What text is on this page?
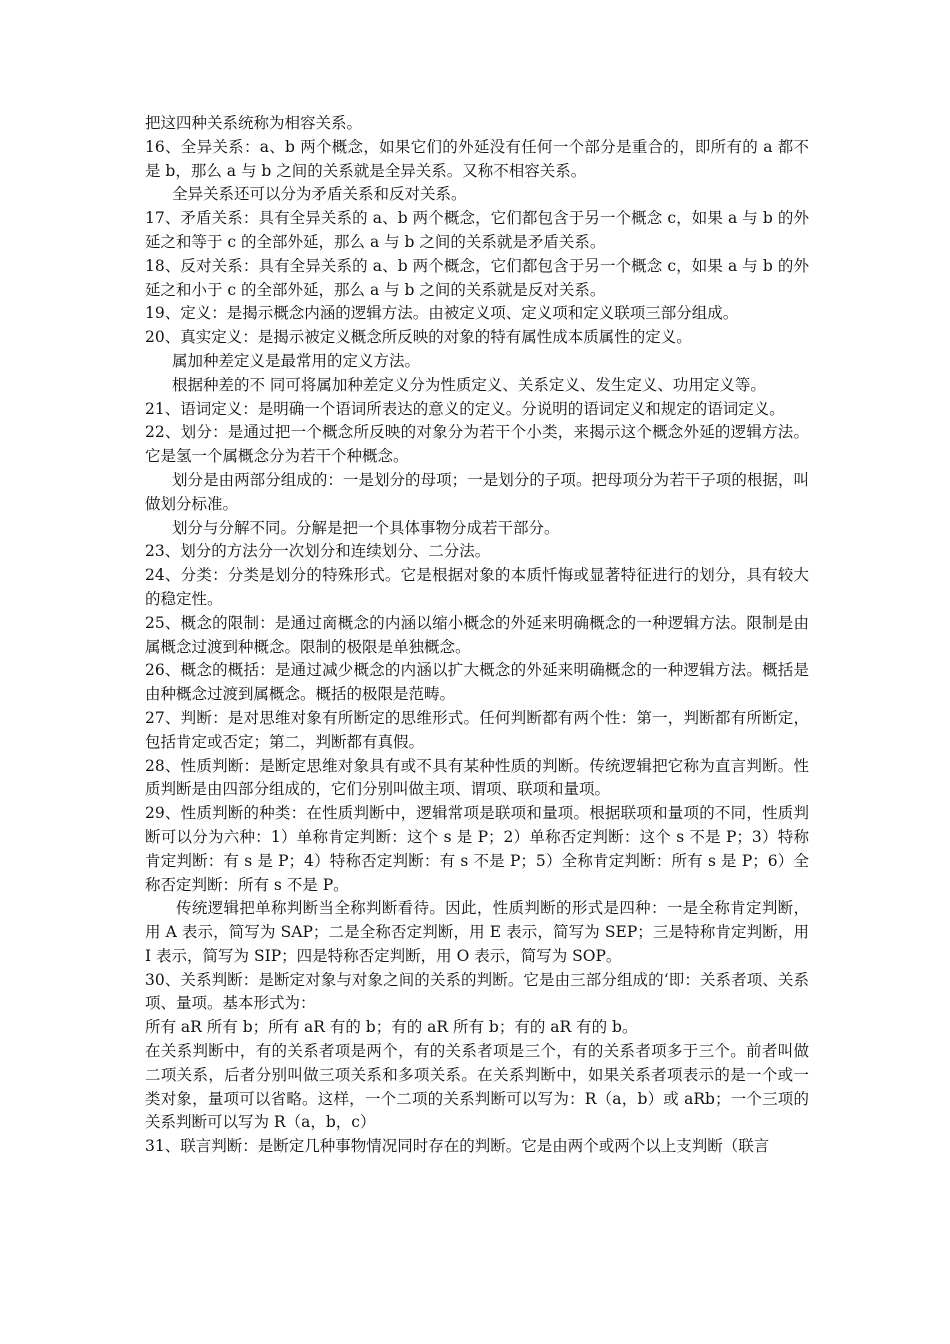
把这四种关系统称为相容关系。

16、全异关系：a、b 两个概念，如果它们的外延没有任何一个部分是重合的，即所有的 a 都不是 b，那么 a 与 b 之间的关系就是全异关系。又称不相容关系。

全异关系还可以分为矛盾关系和反对关系。

17、矛盾关系：具有全异关系的 a、b 两个概念，它们都包含于另一个概念 c，如果 a 与 b 的外延之和等于 c 的全部外延，那么 a 与 b 之间的关系就是矛盾关系。

18、反对关系：具有全异关系的 a、b 两个概念，它们都包含于另一个概念 c，如果 a 与 b 的外延之和小于 c 的全部外延，那么 a 与 b 之间的关系就是反对关系。

19、定义：是揭示概念内涵的逻辑方法。由被定义项、定义项和定义联项三部分组成。

20、真实定义：是揭示被定义概念所反映的对象的特有属性成本质属性的定义。

属加种差定义是最常用的定义方法。

根据种差的不 同可将属加种差定义分为性质定义、关系定义、发生定义、功用定义等。

21、语词定义：是明确一个语词所表达的意义的定义。分说明的语词定义和规定的语词定义。

22、划分：是通过把一个概念所反映的对象分为若干个小类，来揭示这个概念外延的逻辑方法。它是氢一个属概念分为若干个种概念。

划分是由两部分组成的：一是划分的母项；一是划分的子项。把母项分为若干子项的根据，叫做划分标准。

划分与分解不同。分解是把一个具体事物分成若干部分。

23、划分的方法分一次划分和连续划分、二分法。

24、分类：分类是划分的特殊形式。它是根据对象的本质忏悔或显著特征进行的划分，具有较大的稳定性。

25、概念的限制：是通过啇概念的内涵以缩小概念的外延来明确概念的一种逻辑方法。限制是由属概念过渡到种概念。限制的极限是单独概念。

26、概念的概括：是通过减少概念的内涵以扩大概念的外延来明确概念的一种逻辑方法。概括是由种概念过渡到属概念。概括的极限是范畴。

27、判断：是对思维对象有所断定的思维形式。任何判断都有两个性：第一，判断都有所断定，包括肯定或否定；第二，判断都有真假。

28、性质判断：是断定思维对象具有或不具有某种性质的判断。传统逻辑把它称为直言判断。性质判断是由四部分组成的，它们分别叫做主项、谓项、联项和量项。

29、性质判断的种类：在性质判断中，逻辑常项是联项和量项。根据联项和量项的不同，性质判断可以分为六种：1）单称肯定判断：这个 s 是 P；2）单称否定判断：这个 s 不是 P；3）特称肯定判断：有 s 是 P；4）特称否定判断：有 s 不是 P；5）全称肯定判断：所有 s 是 P；6）全称否定判断：所有 s 不是 P。

传统逻辑把单称判断当全称判断看待。因此，性质判断的形式是四种：一是全称肯定判断，用 A 表示，简写为 SAP；二是全称否定判断，用 E 表示，简写为 SEP；三是特称肯定判断，用 I 表示，简写为 SIP；四是特称否定判断，用 O 表示，简写为 SOP。

30、关系判断：是断定对象与对象之间的关系的判断。它是由三部分组成的‘即：关系者项、关系项、量项。基本形式为：

所有 aR 所有 b；所有 aR 有的 b；有的 aR 所有 b；有的 aR 有的 b。

在关系判断中，有的关系者项是两个，有的关系者项是三个，有的关系者项多于三个。前者叫做二项关系，后者分别叫做三项关系和多项关系。在关系判断中，如果关系者项表示的是一个或一类对象，量项可以省略。这样，一个二项的关系判断可以写为：R（a，b）或 aRb；一个三项的关系判断可以写为 R（a，b，c）

31、联言判断：是断定几种事物情况同时存在的判断。它是由两个或两个以上支判断（联言
